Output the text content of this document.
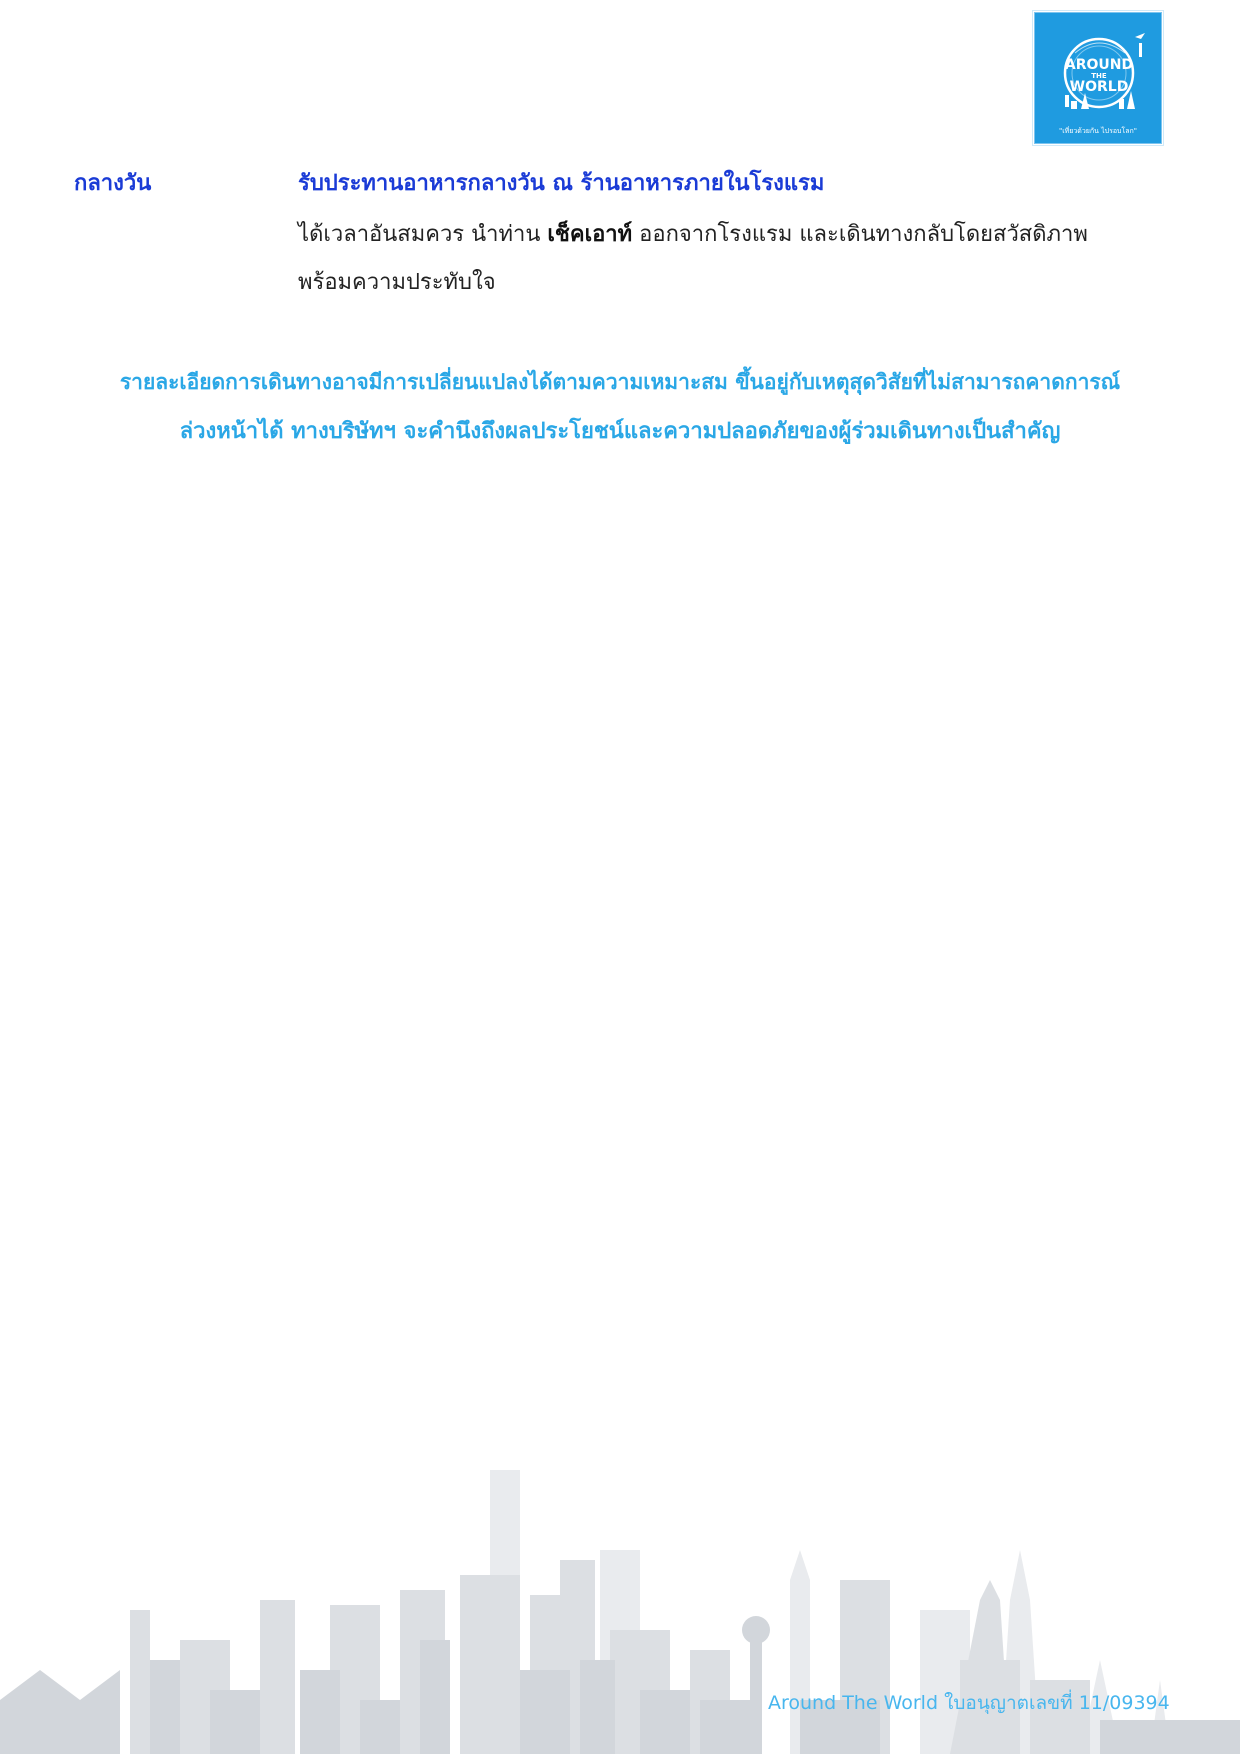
AROUND
THE
WORLD
"เที่ยวด้วยกัน ไปรอบโลก"
กลางวัน	รับประทานอาหารกลางวัน ณ ร้านอาหารภายในโรงแรม
ได้เวลาอันสมควร นำท่าน เช็คเอาท์ ออกจากโรงแรม และเดินทางกลับโดยสวัสดิภาพ
พร้อมความประทับใจ
รายละเอียดการเดินทางอาจมีการเปลี่ยนแปลงได้ตามความเหมาะสม ขึ้นอยู่กับเหตุสุดวิสัยที่ไม่สามารถคาดการณ์
ล่วงหน้าได้ ทางบริษัทฯ จะคำนึงถึงผลประโยชน์และความปลอดภัยของผู้ร่วมเดินทางเป็นสำคัญ
Around The World ใบอนุญาตเลขที่ 11/09394
